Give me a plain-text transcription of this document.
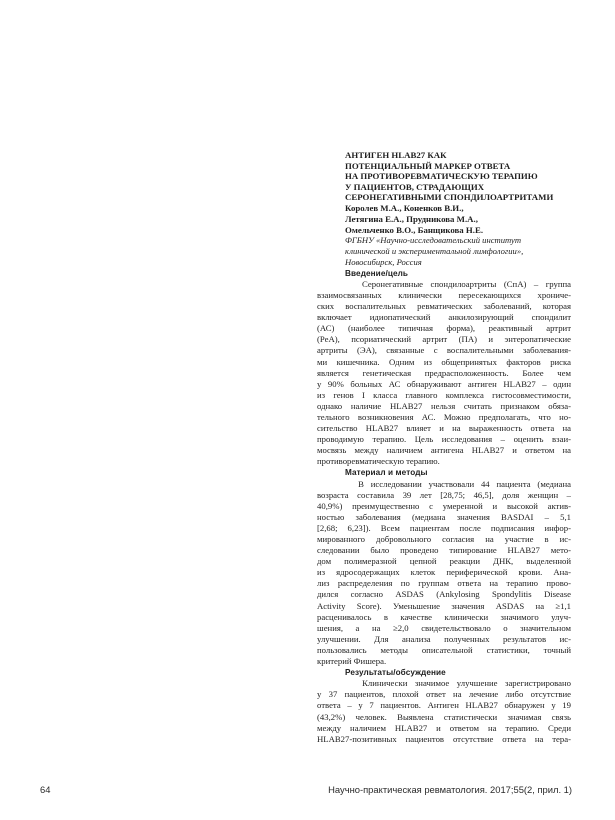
АНТИГЕН HLAB27 КАК
ПОТЕНЦИАЛЬНЫЙ МАРКЕР ОТВЕТА
НА ПРОТИВОРЕВМАТИЧЕСКУЮ ТЕРАПИЮ
У ПАЦИЕНТОВ, СТРАДАЮЩИХ
СЕРОНЕГАТИВНЫМИ СПОНДИЛОАРТРИТАМИ
Королев М.А., Коненков В.И.,
Летягина Е.А., Прудникова М.А.,
Омельченко В.О., Банщикова Н.Е.
ФГБНУ «Научно-исследовательский институт
клинической и экспериментальной лимфологии»,
Новосибирск, Россия
Введение/цель
Серонегативные спондилоартриты (СпА) – группа
взаимосвязанных клинически пересекающихся хрониче-
ских воспалительных ревматических заболеваний, которая
включает идиопатический анкилозирующий спондилит
(АС) (наиболее типичная форма), реактивный артрит
(РеА), псориатический артрит (ПА) и энтеропатические
артриты (ЭА), связанные с воспалительными заболевания-
ми кишечника. Одним из общепринятых факторов риска
является генетическая предрасположенность. Более чем
у 90% больных АС обнаруживают антиген HLAB27 – один
из генов I класса главного комплекса гистосовместимости,
однако наличие HLAB27 нельзя считать признаком обяза-
тельного возникновения АС. Можно предполагать, что но-
сительство HLAB27 влияет и на выраженность ответа на
проводимую терапию. Цель исследования – оценить взаи-
мосвязь между наличием антигена HLAB27 и ответом на
противоревматическую терапию.
Материал и методы
В исследовании участвовали 44 пациента (медиана
возраста составила 39 лет [28,75; 46,5], доля женщин –
40,9%) преимущественно с умеренной и высокой актив-
ностью заболевания (медиана значения BASDAI – 5,1
[2,68; 6,23]). Всем пациентам после подписания инфор-
мированного добровольного согласия на участие в ис-
следовании было проведено типирование HLAB27 мето-
дом полимеразной цепной реакции ДНК, выделенной
из ядросодержащих клеток периферической крови. Ана-
лиз распределения по группам ответа на терапию прово-
дился согласно ASDAS (Ankylosing Spondylitis Disease
Activity Score). Уменьшение значения ASDAS на ≥1,1
расценивалось в качестве клинически значимого улуч-
шения, а на ≥2,0 свидетельствовало о значительном
улучшении. Для анализа полученных результатов ис-
пользовались методы описательной статистики, точный
критерий Фишера.
Результаты/обсуждение
Клинически значимое улучшение зарегистрировано
у 37 пациентов, плохой ответ на лечение либо отсутствие
ответа – у 7 пациентов. Антиген HLAB27 обнаружен у 19
(43,2%) человек. Выявлена статистически значимая связь
между наличием HLAB27 и ответом на терапию. Среди
HLAB27-позитивных пациентов отсутствие ответа на тера-
64	Научно-практическая ревматология. 2017;55(2, прил. 1)
